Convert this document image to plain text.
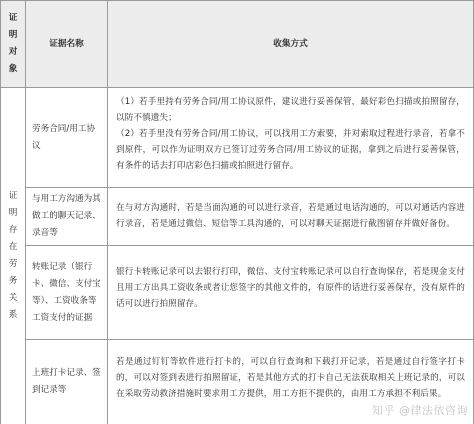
证
明
对
象
证据名称	收集方式
证
明
存
在
劳
务
关
系
劳务合同/用工协议

（1）若手里持有劳务合同/用工协议原件，建议进行妥善保管，最好彩色扫描或拍照留存，以防不慎遗失；

（2）若手里没有劳务合同/用工协议，可以找用工方索要，并对索取过程进行录音，若拿不到原件，可以作为证明双方已签订过劳务合同/用工协议的证据，拿到之后进行妥善保管，有条件的话去打印店彩色扫描或拍照进行留存。

与用工方沟通为其做工的聊天记录、录音等

在与对方沟通时，若是当面沟通的可以进行录音，若是通过电话沟通的，可以对通话内容进行录音，若是通过微信、短信等工具沟通的，可以对聊天证据进行截图留存并做好备份。

转账记录（银行卡、微信、支付宝等）、工资收条等工资支付的证据

银行卡转账记录可以去银行打印，微信、支付宝转账记录可以自行查询保存，若是现金支付且用工方出具工资收条或者让您签字的其他文件的，有原件的话进行妥善保存，没有原件的话可以进行拍照留存。

上班打卡记录、签到记录等

若是通过钉钉等软件进行打卡的，可以自行查询和下载打开记录，若是通过自行签字打卡的，可以对签到表进行拍照留证，若是其他方式的打卡自己无法获取相关上班记录的，可以在采取劳动救济措施时要求用工方提供，用工方拒不提供的，由用工方承担不利后果。

知乎 @律法依咨询
